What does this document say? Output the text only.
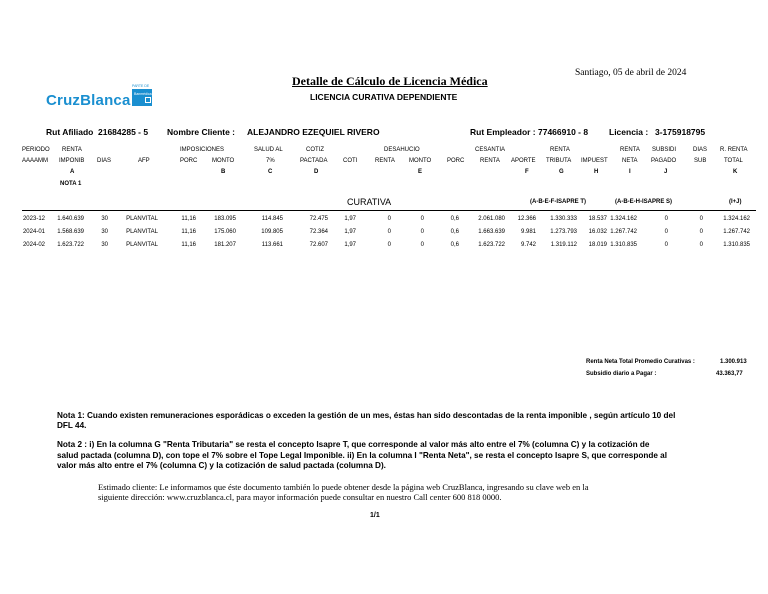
PARTE DE
CruzBlanca Banmédica
Santiago, 05 de abril de 2024
Detalle de Cálculo de Licencia Médica
LICENCIA CURATIVA DEPENDIENTE
Rut Afiliado 21684285 - 5 Nombre Cliente : ALEJANDRO EZEQUIEL RIVERO	Rut Empleador : 77466910 - 8 Licencia : 3-175918795
PERIODO RENTA	IMPOSICIONES	SALUD AL	COTIZ	DESAHUCIO	CESANTIA	RENTA	RENTA SUBSIDI	DIAS R. RENTA
AAAAMM IMPONIB DIAS	AFP	PORC MONTO	7%	PACTADA	COTI	RENTA MONTO	PORC	RENTA APORTE TRIBUTA IMPUEST NETA PAGADO	SUB	TOTAL
A	B	C	D	E	F	G	H	I	J	K
NOTA 1
CURATIVA	(A-B-E-F-ISAPRE T)	(A-B-E-H-ISAPRE S)	(I+J)
2023-12 1.640.639	30	PLANVITAL	11,16	183.095	114.845	72.475	1,97	0	0	0,6	2.061.080 12.366 1.330.333 18.537 1.324.162	0	0	1.324.162
2024-01 1.568.639	30	PLANVITAL	11,16	175.060	109.805	72.364	1,97	0	0	0,6	1.663.639	9.981 1.273.793 16.032 1.267.742	0	0	1.267.742
2024-02 1.623.722	30	PLANVITAL	11,16	181.207	113.661	72.607	1,97	0	0	0,6	1.623.722	9.742 1.319.112 18.019 1.310.835	0	0	1.310.835
Renta Neta Total Promedio Curativas :	1.300.913
Subsidio diario a Pagar :	43.363,77
Nota 1: Cuando existen remuneraciones esporádicas o exceden la gestión de un mes, éstas han sido descontadas de la renta imponible , según artículo 10 del
DFL 44.
Nota 2 : i) En la columna G "Renta Tributaria" se resta el concepto Isapre T, que corresponde al valor más alto entre el 7% (columna C) y la cotización de
salud pactada (columna D), con tope el 7% sobre el Tope Legal Imponible. ii) En la columna I "Renta Neta", se resta el concepto Isapre S, que corresponde al
valor más alto entre el 7% (columna C) y la cotización de salud pactada (columna D).
Estimado cliente: Le informamos que éste documento también lo puede obtener desde la página web CruzBlanca, ingresando su clave web en la
siguiente dirección: www.cruzblanca.cl, para mayor información puede consultar en nuestro Call center 600 818 0000.
1/1
